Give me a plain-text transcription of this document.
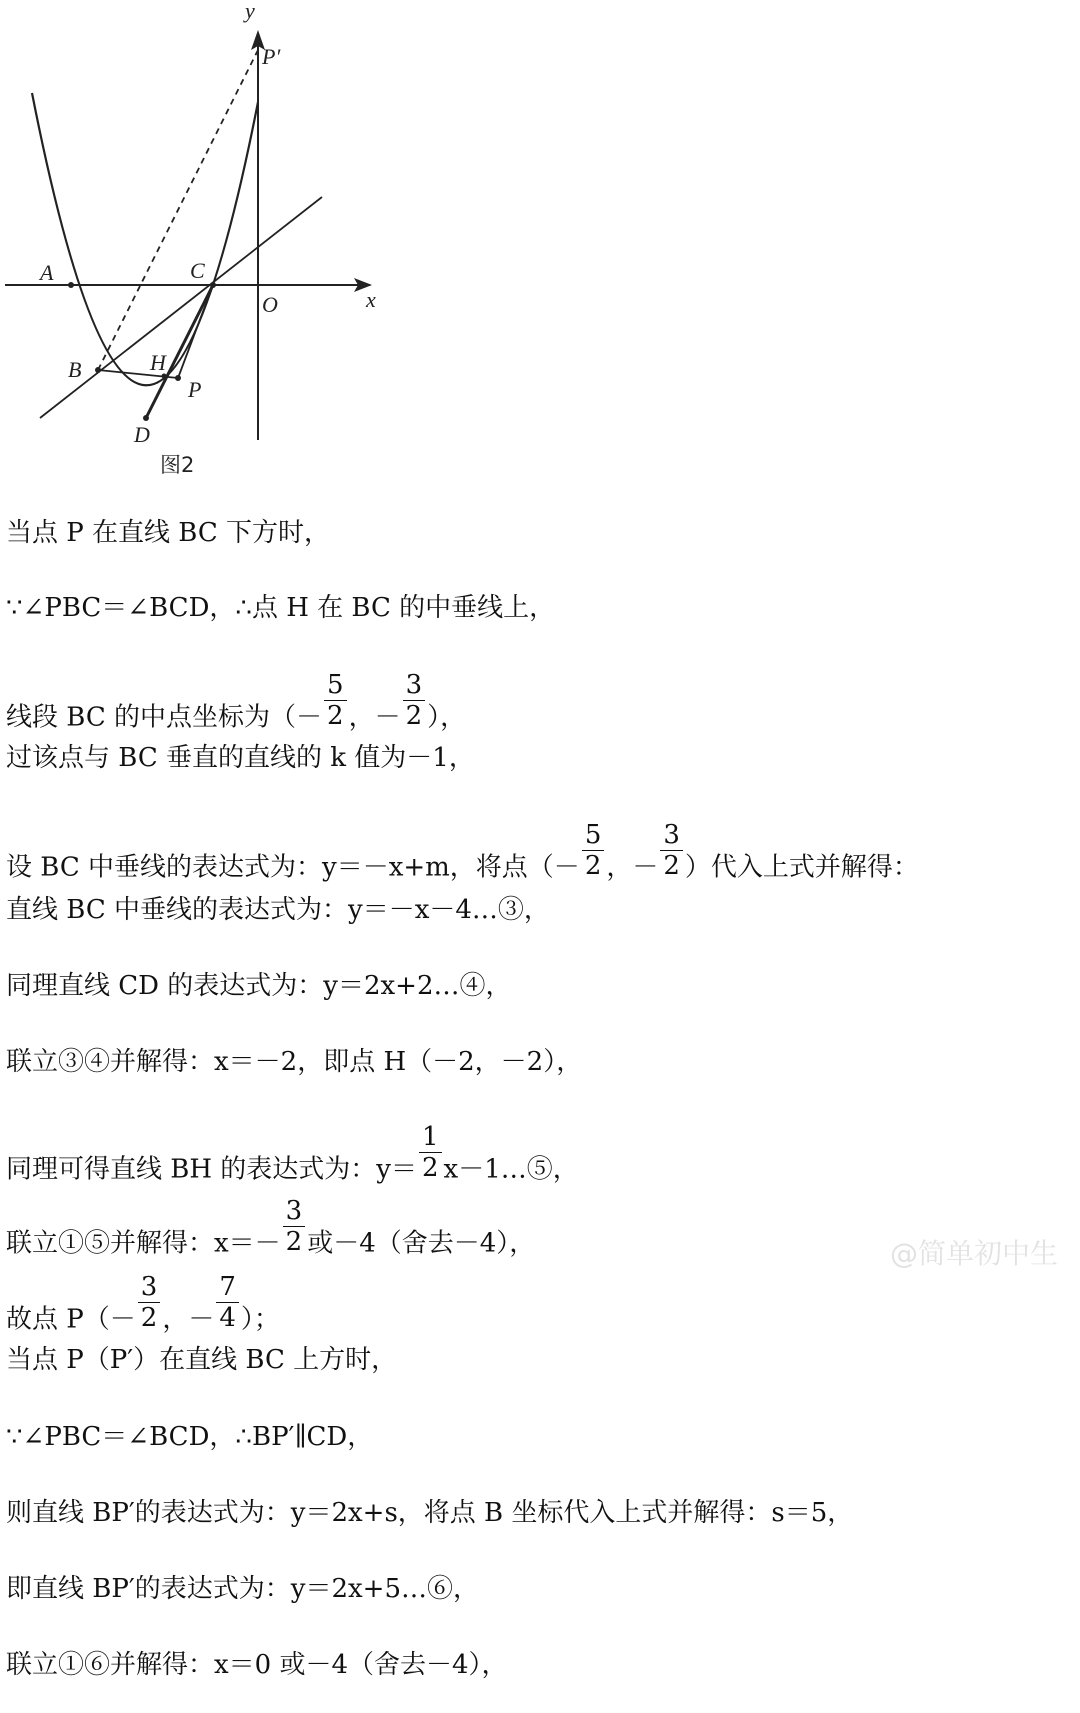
y
P′
x
O
A	C
B	H
P
D
图2
当点 P 在直线 BC 下方时，
∵∠PBC＝∠BCD，∴点 H 在 BC 的中垂线上，
线段 BC 的中点坐标为（－ $\frac{5}{2}$ ，－ $\frac{3}{2}$ ），
过该点与 BC 垂直的直线的 k 值为－1，
设 BC 中垂线的表达式为：y＝－x+m，将点（－ $\frac{5}{2}$ ，－ $\frac{3}{2}$ ）代入上式并解得：
直线 BC 中垂线的表达式为：y＝－x－4…③，
同理直线 CD 的表达式为：y＝2x+2…④，
联立③④并解得：x＝－2，即点 H（－2，－2），
同理可得直线 BH 的表达式为：$y= \frac{1}{2}$ x－1…⑤，
联立①⑤并解得：$x=- \frac{3}{2}$ 或－4（舍去－4），
故点 $P(- \frac{3}{2}$ ，－ $\frac{7}{4}$ ）；
当点 P（P′）在直线 BC 上方时，
∵∠PBC＝∠BCD，∴BP′∥CD，
则直线 BP′的表达式为：y＝2x+s，将点 B 坐标代入上式并解得：s＝5，
即直线 BP′的表达式为：y＝2x+5…⑥，
联立①⑥并解得：x＝0 或－4（舍去－4），
@简单初中生
